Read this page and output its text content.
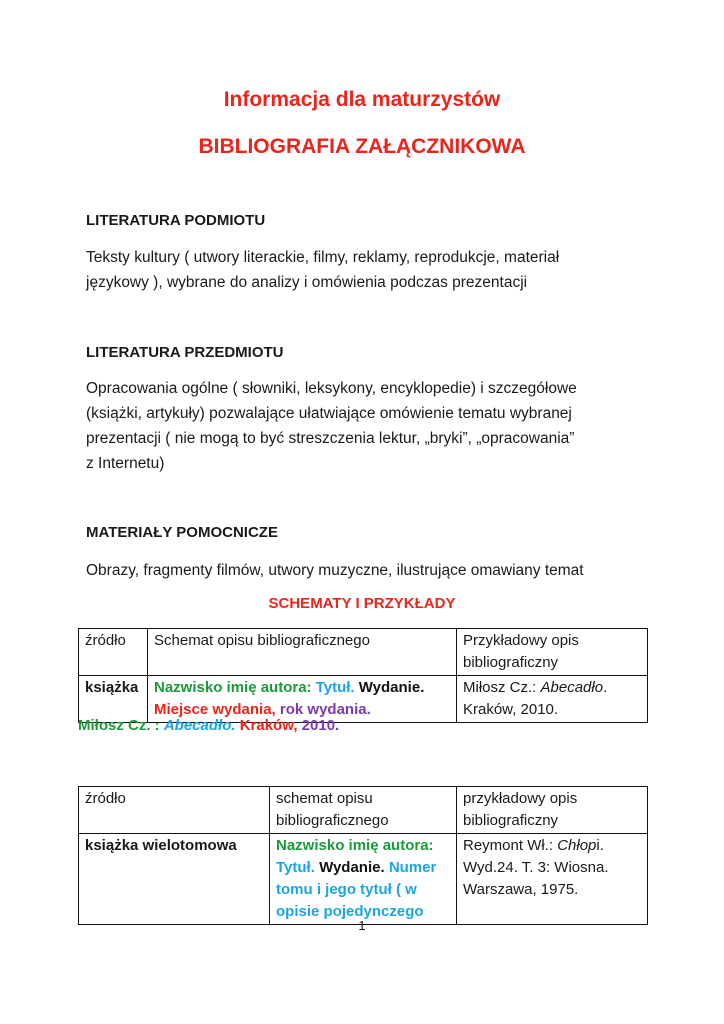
Informacja dla maturzystów
BIBLIOGRAFIA ZAŁĄCZNIKOWA
LITERATURA PODMIOTU
Teksty kultury ( utwory literackie, filmy, reklamy, reprodukcje, materiał
językowy ), wybrane do analizy i omówienia podczas prezentacji
LITERATURA PRZEDMIOTU
Opracowania ogólne ( słowniki, leksykony, encyklopedie) i szczegółowe
(książki, artykuły) pozwalające ułatwiające omówienie tematu wybranej
prezentacji ( nie mogą to być streszczenia lektur, „bryki”, „opracowania”
z Internetu)
MATERIAŁY POMOCNICZE
Obrazy, fragmenty filmów, utwory muzyczne, ilustrujące omawiany temat
SCHEMATY I PRZYKŁADY
źródło	Schemat opisu bibliograficznego	Przykładowy opis bibliograficzny
książka	Nazwisko imię autora: Tytuł. Wydanie.
Miejsce wydania, rok wydania.	Miłosz Cz.: Abecadło.
Kraków, 2010.
Miłosz Cz. : Abecadło. Kraków, 2010.
źródło	schemat opisu bibliograficznego	przykładowy opis bibliograficzny
książka wielotomowa	Nazwisko imię autora: Tytuł. Wydanie. Numer tomu i jego tytuł ( w opisie pojedynczego	Reymont Wł.: Chłopi.
Wyd.24. T. 3: Wiosna.
Warszawa, 1975.
1
